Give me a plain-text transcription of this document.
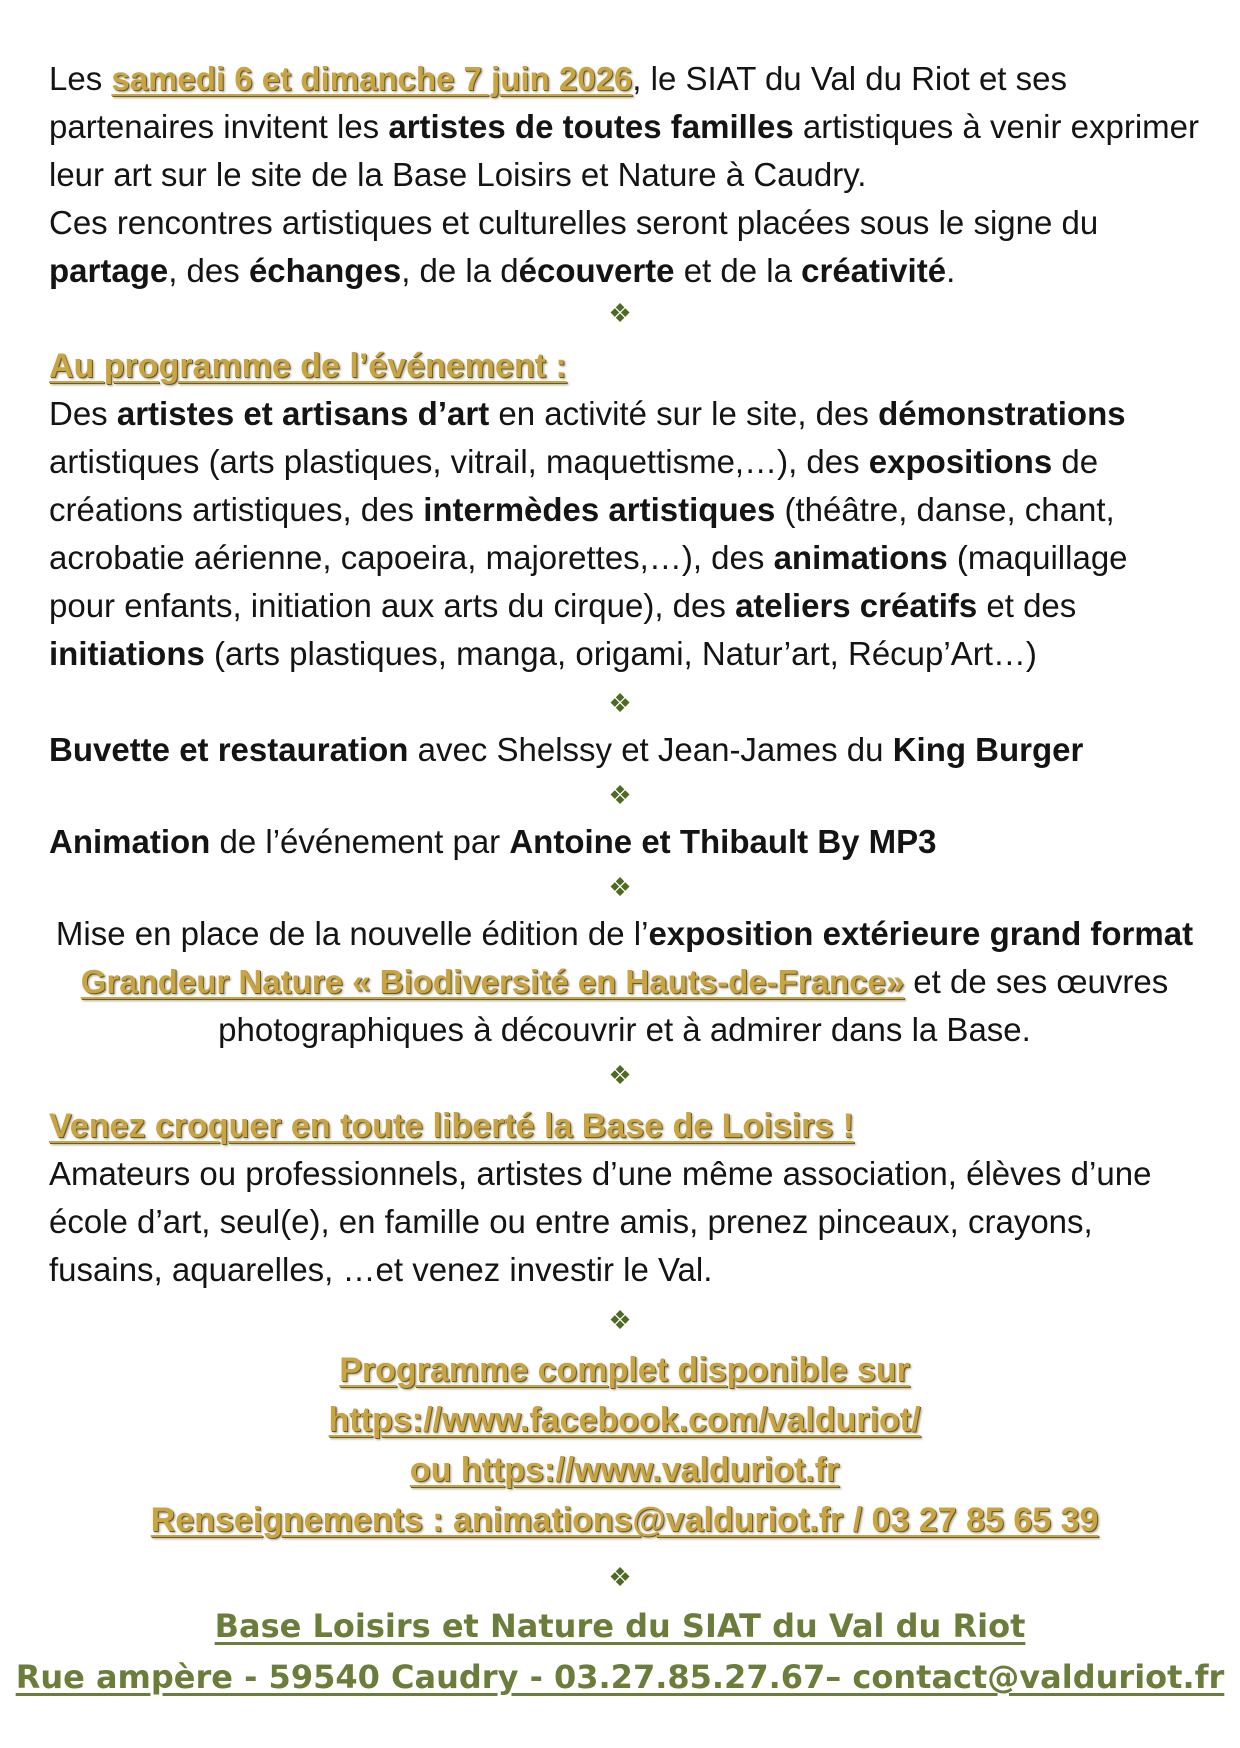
Les samedi 6 et dimanche 7 juin 2026, le SIAT du Val du Riot et ses partenaires invitent les artistes de toutes familles artistiques à venir exprimer leur art sur le site de la Base Loisirs et Nature à Caudry.
Ces rencontres artistiques et culturelles seront placées sous le signe du partage, des échanges, de la découverte et de la créativité.
❖
Au programme de l’événement :
Des artistes et artisans d’art en activité sur le site, des démonstrations artistiques (arts plastiques, vitrail, maquettisme,…), des expositions de créations artistiques, des intermèdes artistiques (théâtre, danse, chant, acrobatie aérienne, capoeira, majorettes,…), des animations (maquillage pour enfants, initiation aux arts du cirque), des ateliers créatifs et des initiations (arts plastiques, manga, origami, Natur’art, Récup’Art…)
❖
Buvette et restauration avec Shelssy et Jean-James du King Burger
❖
Animation de l’événement par Antoine et Thibault By MP3
❖
Mise en place de la nouvelle édition de l’exposition extérieure grand format Grandeur Nature « Biodiversité en Hauts-de-France» et de ses œuvres photographiques à découvrir et à admirer dans la Base.
❖
Venez croquer en toute liberté la Base de Loisirs !
Amateurs ou professionnels, artistes d’une même association, élèves d’une école d’art, seul(e), en famille ou entre amis, prenez pinceaux, crayons, fusains, aquarelles, …et venez investir le Val.
❖
Programme complet disponible sur
https://www.facebook.com/valduriot/
ou https://www.valduriot.fr
Renseignements : animations@valduriot.fr / 03 27 85 65 39
❖
Base Loisirs et Nature du SIAT du Val du Riot
Rue ampère - 59540 Caudry - 03.27.85.27.67– contact@valduriot.fr
